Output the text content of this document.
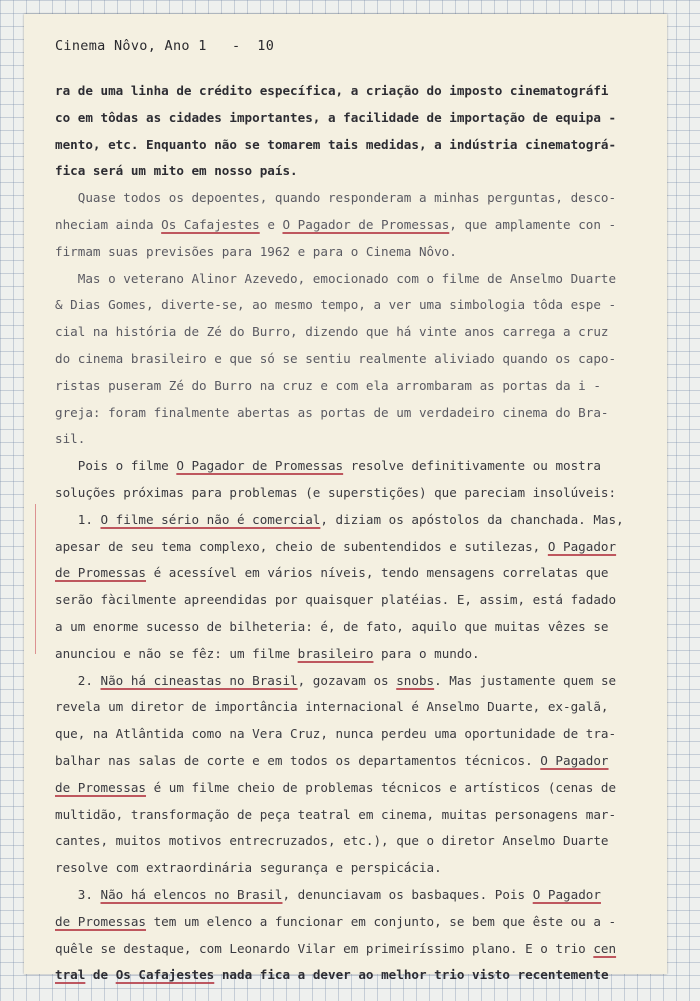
Cinema Nôvo, Ano 1   -  10
ra de uma linha de crédito específica, a criação do imposto cinematográfi
co em tôdas as cidades importantes, a facilidade de importação de equipa -
mento, etc. Enquanto não se tomarem tais medidas, a indústria cinematográ-
fica será um mito em nosso país.
Quase todos os depoentes, quando responderam a minhas perguntas, desco-
nheciam ainda Os Cafajestes e O Pagador de Promessas, que amplamente con -
firmam suas previsões para 1962 e para o Cinema Nôvo.
Mas o veterano Alinor Azevedo, emocionado com o filme de Anselmo Duarte
& Dias Gomes, diverte-se, ao mesmo tempo, a ver uma simbologia tôda espe -
cial na história de Zé do Burro, dizendo que há vinte anos carrega a cruz
do cinema brasileiro e que só se sentiu realmente aliviado quando os capo-
ristas puseram Zé do Burro na cruz e com ela arrombaram as portas da i -
greja: foram finalmente abertas as portas de um verdadeiro cinema do Bra-
sil.
Pois o filme O Pagador de Promessas resolve definitivamente ou mostra
soluções próximas para problemas (e superstições) que pareciam insolúveis:
1. O filme sério não é comercial, diziam os apóstolos da chanchada. Mas,
apesar de seu tema complexo, cheio de subentendidos e sutilezas, O Pagador
de Promessas é acessível em vários níveis, tendo mensagens correlatas que
serão fàcilmente apreendidas por quaisquer platéias. E, assim, está fadado
a um enorme sucesso de bilheteria: é, de fato, aquilo que muitas vêzes se
anunciou e não se fêz: um filme brasileiro para o mundo.
2. Não há cineastas no Brasil, gozavam os snobs. Mas justamente quem se
revela um diretor de importância internacional é Anselmo Duarte, ex-galã,
que, na Atlântida como na Vera Cruz, nunca perdeu uma oportunidade de tra-
balhar nas salas de corte e em todos os departamentos técnicos. O Pagador
de Promessas é um filme cheio de problemas técnicos e artísticos (cenas de
multidão, transformação de peça teatral em cinema, muitas personagens mar-
cantes, muitos motivos entrecruzados, etc.), que o diretor Anselmo Duarte
resolve com extraordinária segurança e perspicácia.
3. Não há elencos no Brasil, denunciavam os basbaques. Pois O Pagador
de Promessas tem um elenco a funcionar em conjunto, se bem que êste ou a -
quêle se destaque, com Leonardo Vilar em primeiríssimo plano. E o trio cen
tral de Os Cafajestes nada fica a dever ao melhor trio visto recentemente
